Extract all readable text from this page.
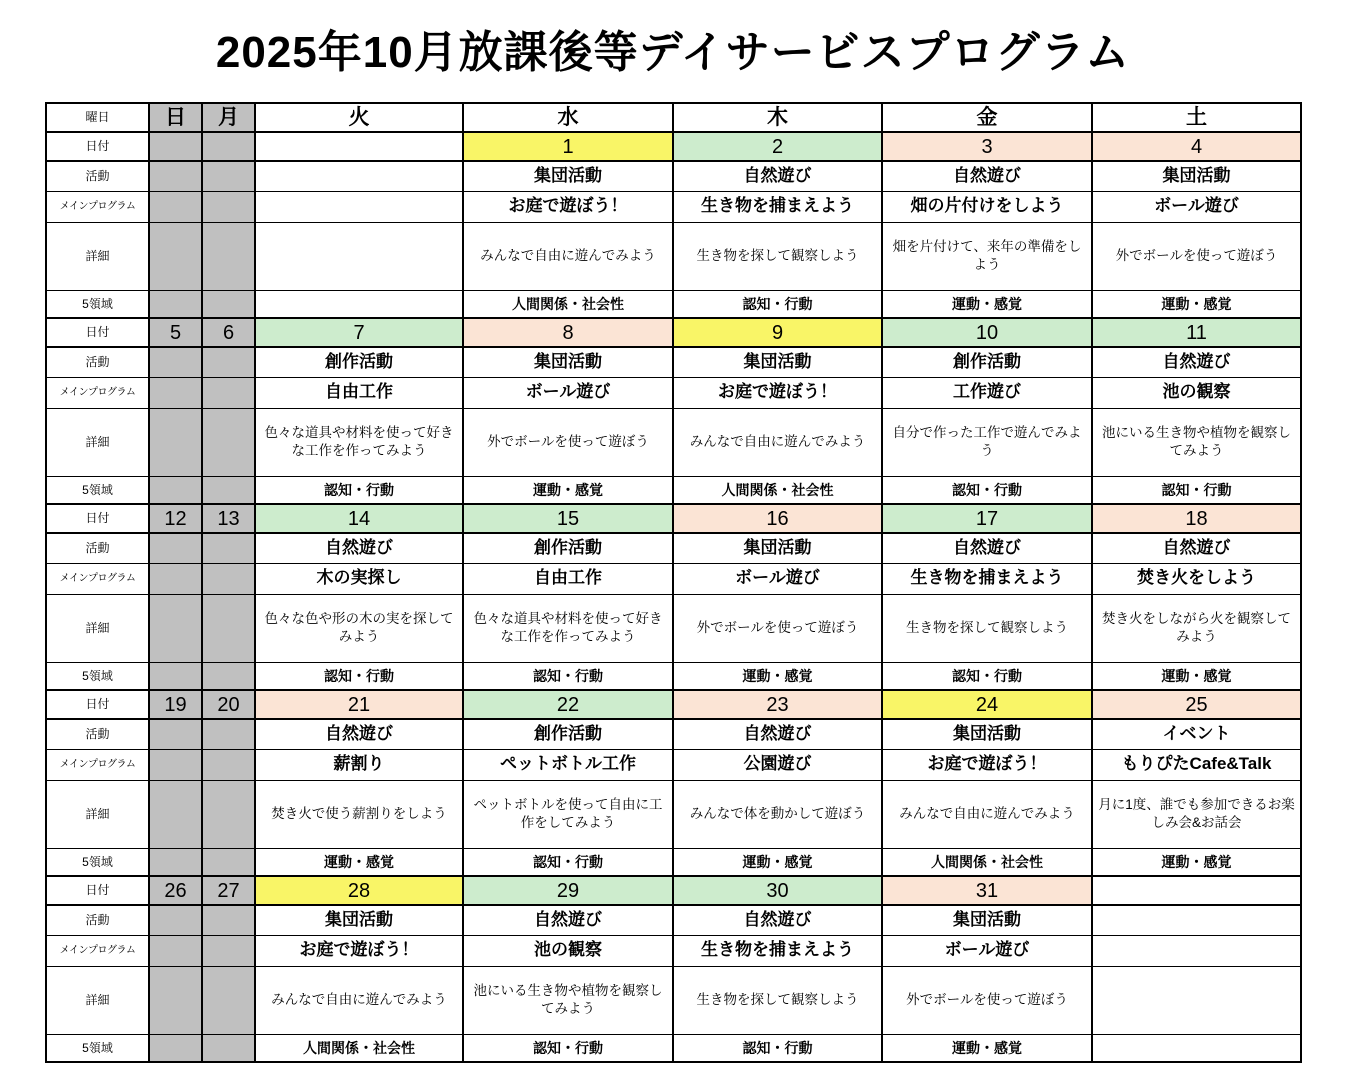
2025年10月放課後等デイサービスプログラム
曜日	日	月	火	水	木	金	土
日付				1	2	3	4
活動				集団活動	自然遊び	自然遊び	集団活動
メインプログラム				お庭で遊ぼう！	生き物を捕まえよう	畑の片付けをしよう	ボール遊び
詳細				みんなで自由に遊んでみよう	生き物を探して観察しよう	畑を片付けて、来年の準備をしよう	外でボールを使って遊ぼう
5領域				人間関係・社会性	認知・行動	運動・感覚	運動・感覚
日付	5	6	7	8	9	10	11
活動			創作活動	集団活動	集団活動	創作活動	自然遊び
メインプログラム			自由工作	ボール遊び	お庭で遊ぼう！	工作遊び	池の観察
詳細			色々な道具や材料を使って好きな工作を作ってみよう	外でボールを使って遊ぼう	みんなで自由に遊んでみよう	自分で作った工作で遊んでみよう	池にいる生き物や植物を観察してみよう
5領域			認知・行動	運動・感覚	人間関係・社会性	認知・行動	認知・行動
日付	12	13	14	15	16	17	18
活動			自然遊び	創作活動	集団活動	自然遊び	自然遊び
メインプログラム			木の実探し	自由工作	ボール遊び	生き物を捕まえよう	焚き火をしよう
詳細			色々な色や形の木の実を探してみよう	色々な道具や材料を使って好きな工作を作ってみよう	外でボールを使って遊ぼう	生き物を探して観察しよう	焚き火をしながら火を観察してみよう
5領域			認知・行動	認知・行動	運動・感覚	認知・行動	運動・感覚
日付	19	20	21	22	23	24	25
活動			自然遊び	創作活動	自然遊び	集団活動	イベント
メインプログラム			薪割り	ペットボトル工作	公園遊び	お庭で遊ぼう！	もりぴたCafe&Talk
詳細			焚き火で使う薪割りをしよう	ペットボトルを使って自由に工作をしてみよう	みんなで体を動かして遊ぼう	みんなで自由に遊んでみよう	月に1度、誰でも参加できるお楽しみ会&お話会
5領域			運動・感覚	認知・行動	運動・感覚	人間関係・社会性	運動・感覚
日付	26	27	28	29	30	31	
活動			集団活動	自然遊び	自然遊び	集団活動	
メインプログラム			お庭で遊ぼう！	池の観察	生き物を捕まえよう	ボール遊び	
詳細			みんなで自由に遊んでみよう	池にいる生き物や植物を観察してみよう	生き物を探して観察しよう	外でボールを使って遊ぼう	
5領域			人間関係・社会性	認知・行動	認知・行動	運動・感覚	
